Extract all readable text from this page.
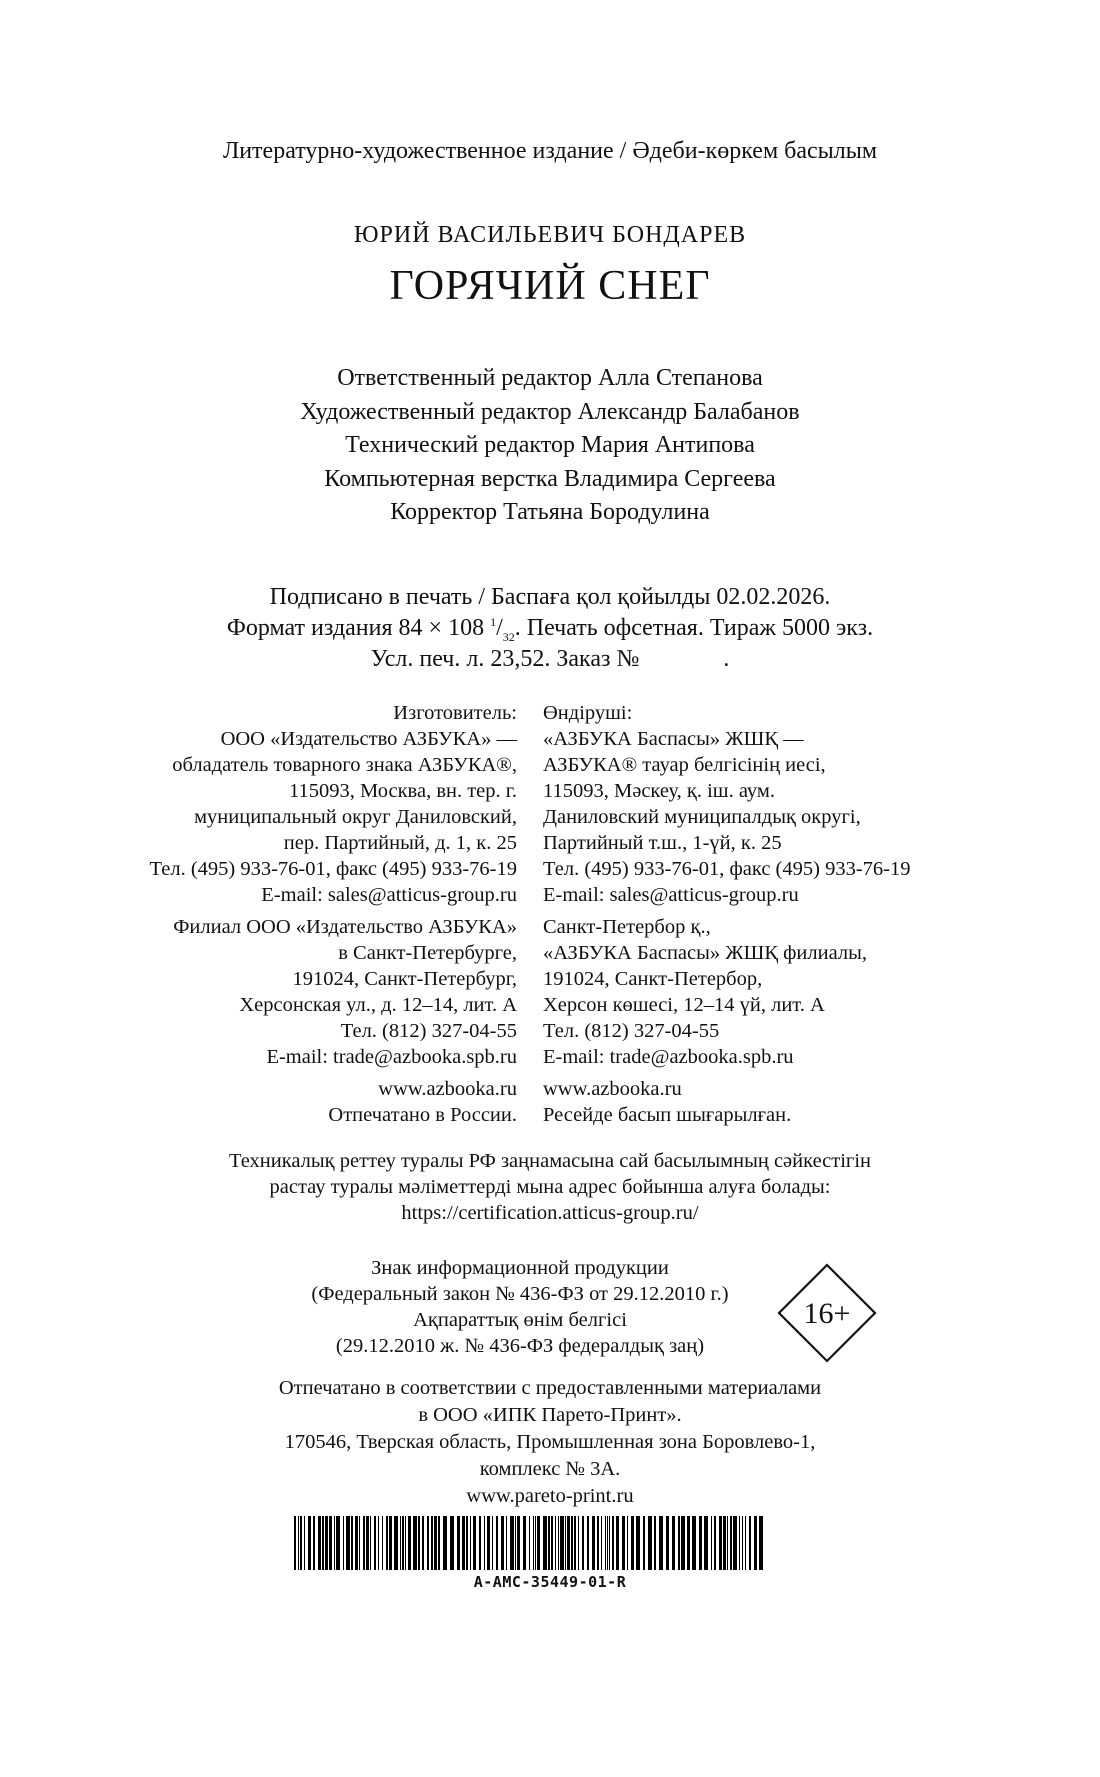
Литературно-художественное издание / Әдеби-көркем басылым
ЮРИЙ ВАСИЛЬЕВИЧ БОНДАРЕВ
ГОРЯЧИЙ СНЕГ
Ответственный редактор Алла Степанова
Художественный редактор Александр Балабанов
Технический редактор Мария Антипова
Компьютерная верстка Владимира Сергеева
Корректор Татьяна Бородулина
Подписано в печать / Баспаға қол қойылды 02.02.2026.
Формат издания 84 × 108 $^1/_{32}$. Печать офсетная. Тираж 5000 экз.
Усл. печ. л. 23,52. Заказ №              .
Изготовитель:
ООО «Издательство АЗБУКА» —
обладатель товарного знака АЗБУКА®,
115093, Москва, вн. тер. г.
муниципальный округ Даниловский,
пер. Партийный, д. 1, к. 25
Тел. (495) 933-76-01, факс (495) 933-76-19
E-mail: sales@atticus-group.ru
Филиал ООО «Издательство АЗБУКА»
в Санкт-Петербурге,
191024, Санкт-Петербург,
Херсонская ул., д. 12–14, лит. А
Тел. (812) 327-04-55
E-mail: trade@azbooka.spb.ru
www.azbooka.ru
Отпечатано в России.
Өндіруші:
«АЗБУКА Баспасы» ЖШҚ —
АЗБУКА® тауар белгісінің иесі,
115093, Мәскеу, қ. іш. аум.
Даниловский муниципалдық округі,
Партийный т.ш., 1-үй, к. 25
Тел. (495) 933-76-01, факс (495) 933-76-19
E-mail: sales@atticus-group.ru
Санкт-Петербор қ.,
«АЗБУКА Баспасы» ЖШҚ филиалы,
191024, Санкт-Петербор,
Херсон көшесі, 12–14 үй, лит. А
Тел. (812) 327-04-55
E-mail: trade@azbooka.spb.ru
www.azbooka.ru
Ресейде басып шығарылған.
Техникалық реттеу туралы РФ заңнамасына сай басылымның сәйкестігін
растау туралы мәліметтерді мына адрес бойынша алуға болады:
https://certification.atticus-group.ru/
Знак информационной продукции
(Федеральный закон № 436-ФЗ от 29.12.2010 г.)
Ақпараттық өнім белгісі
(29.12.2010 ж. № 436-ФЗ федералдық заң)
16+
Отпечатано в соответствии с предоставленными материалами
в ООО «ИПК Парето-Принт».
170546, Тверская область, Промышленная зона Боровлево-1,
комплекс № 3А.
www.pareto-print.ru
A-AMC-35449-01-R
